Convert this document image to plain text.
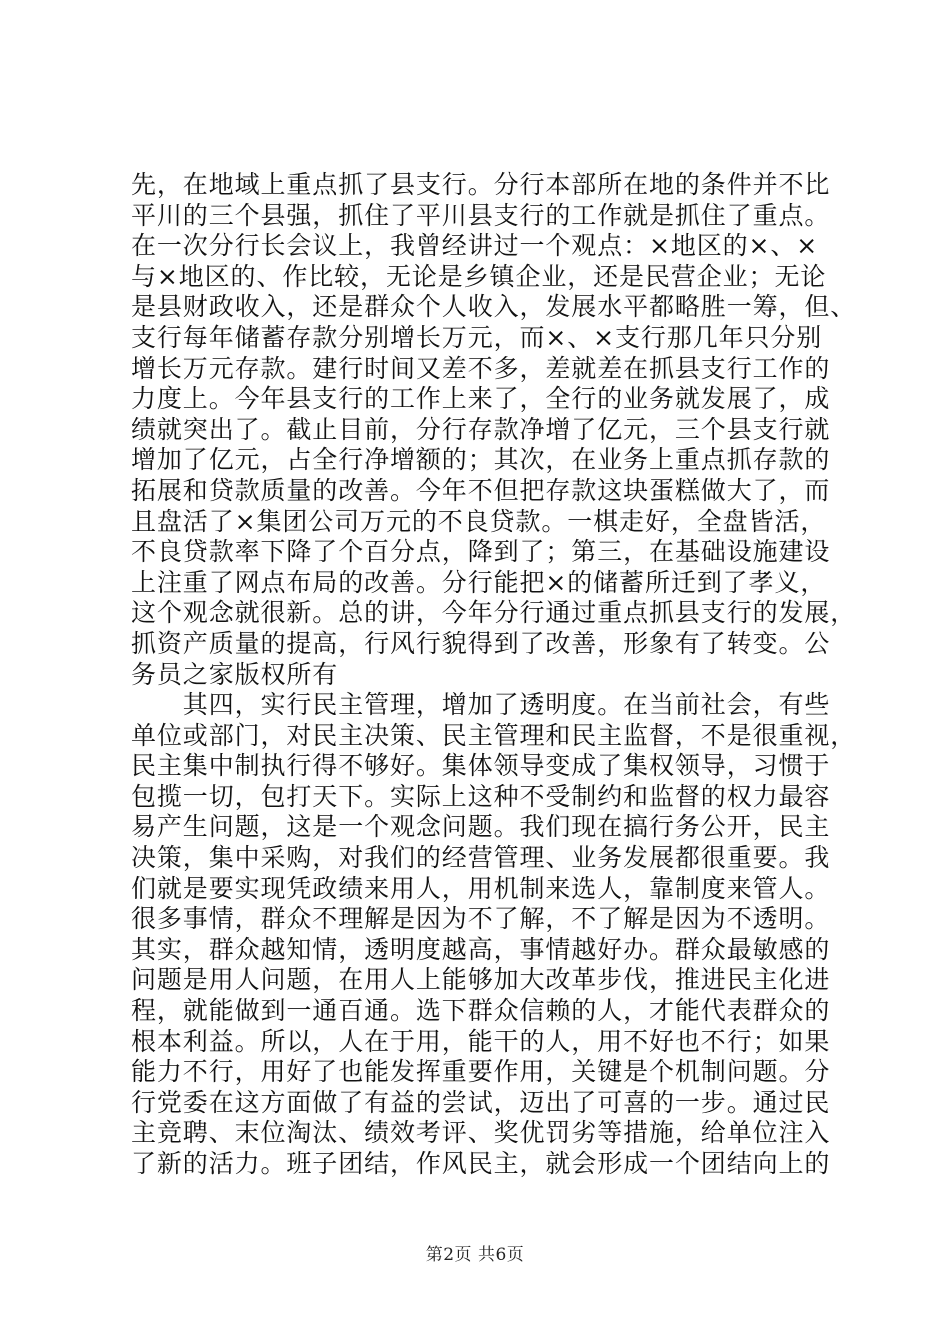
先，在地域上重点抓了县支行。分行本部所在地的条件并不比
平川的三个县强，抓住了平川县支行的工作就是抓住了重点。
在一次分行长会议上，我曾经讲过一个观点：×地区的×、×
与×地区的、作比较，无论是乡镇企业，还是民营企业；无论
是县财政收入，还是群众个人收入，发展水平都略胜一筹，但、
支行每年储蓄存款分别增长万元，而×、×支行那几年只分别
增长万元存款。建行时间又差不多，差就差在抓县支行工作的
力度上。今年县支行的工作上来了，全行的业务就发展了，成
绩就突出了。截止目前，分行存款净增了亿元，三个县支行就
增加了亿元，占全行净增额的；其次，在业务上重点抓存款的
拓展和贷款质量的改善。今年不但把存款这块蛋糕做大了，而
且盘活了×集团公司万元的不良贷款。一棋走好，全盘皆活，
不良贷款率下降了个百分点，降到了；第三，在基础设施建设
上注重了网点布局的改善。分行能把×的储蓄所迁到了孝义，
这个观念就很新。总的讲，今年分行通过重点抓县支行的发展，
抓资产质量的提高，行风行貌得到了改善，形象有了转变。公
务员之家版权所有
　　其四，实行民主管理，增加了透明度。在当前社会，有些
单位或部门，对民主决策、民主管理和民主监督，不是很重视，
民主集中制执行得不够好。集体领导变成了集权领导，习惯于
包揽一切，包打天下。实际上这种不受制约和监督的权力最容
易产生问题，这是一个观念问题。我们现在搞行务公开，民主
决策，集中采购，对我们的经营管理、业务发展都很重要。我
们就是要实现凭政绩来用人，用机制来选人，靠制度来管人。
很多事情，群众不理解是因为不了解，不了解是因为不透明。
其实，群众越知情，透明度越高，事情越好办。群众最敏感的
问题是用人问题，在用人上能够加大改革步伐，推进民主化进
程，就能做到一通百通。选下群众信赖的人，才能代表群众的
根本利益。所以，人在于用，能干的人，用不好也不行；如果
能力不行，用好了也能发挥重要作用，关键是个机制问题。分
行党委在这方面做了有益的尝试，迈出了可喜的一步。通过民
主竞聘、末位淘汰、绩效考评、奖优罚劣等措施，给单位注入
了新的活力。班子团结，作风民主，就会形成一个团结向上的
第2页 共6页
